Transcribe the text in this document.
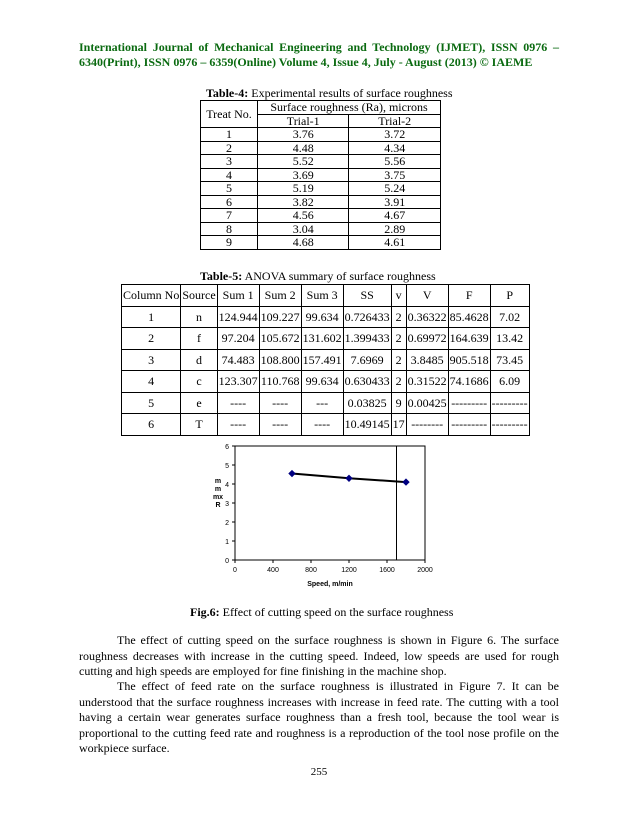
International Journal of Mechanical Engineering and Technology (IJMET), ISSN 0976 – 6340(Print), ISSN 0976 – 6359(Online) Volume 4, Issue 4, July - August (2013) © IAEME
Table-4: Experimental results of surface roughness
Treat No.	Surface roughness (Ra), microns	
	Trial-1	Trial-2
1	3.76	3.72
2	4.48	4.34
3	5.52	5.56
4	3.69	3.75
5	5.19	5.24
6	3.82	3.91
7	4.56	4.67
8	3.04	2.89
9	4.68	4.61
Table-5: ANOVA summary of surface roughness
Column No	Source	Sum 1	Sum 2	Sum 3	SS	v	V	F	P
1	n	124.944	109.227	99.634	0.726433	2	0.36322	85.4628	7.02
2	f	97.204	105.672	131.602	1.399433	2	0.69972	164.639	13.42
3	d	74.483	108.800	157.491	7.6969	2	3.8485	905.518	73.45
4	c	123.307	110.768	99.634	0.630433	2	0.31522	74.1686	6.09
5	e	----	----	---	0.03825	9	0.00425	---------	---------
6	T	----	----	----	10.49145	17	--------	---------	---------
0
1
2
3
4
5
6
0	400	800	1200	1600	2000
Speed, m/min
m
m
mx
R
Fig.6: Effect of cutting speed on the surface roughness
The effect of cutting speed on the surface roughness is shown in Figure 6. The surface roughness decreases with increase in the cutting speed. Indeed, low speeds are used for rough cutting and high speeds are employed for fine finishing in the machine shop.
The effect of feed rate on the surface roughness is illustrated in Figure 7. It can be understood that the surface roughness increases with increase in feed rate. The cutting with a tool having a certain wear generates surface roughness than a fresh tool, because the tool wear is proportional to the cutting feed rate and roughness is a reproduction of the tool nose profile on the workpiece surface.
255
